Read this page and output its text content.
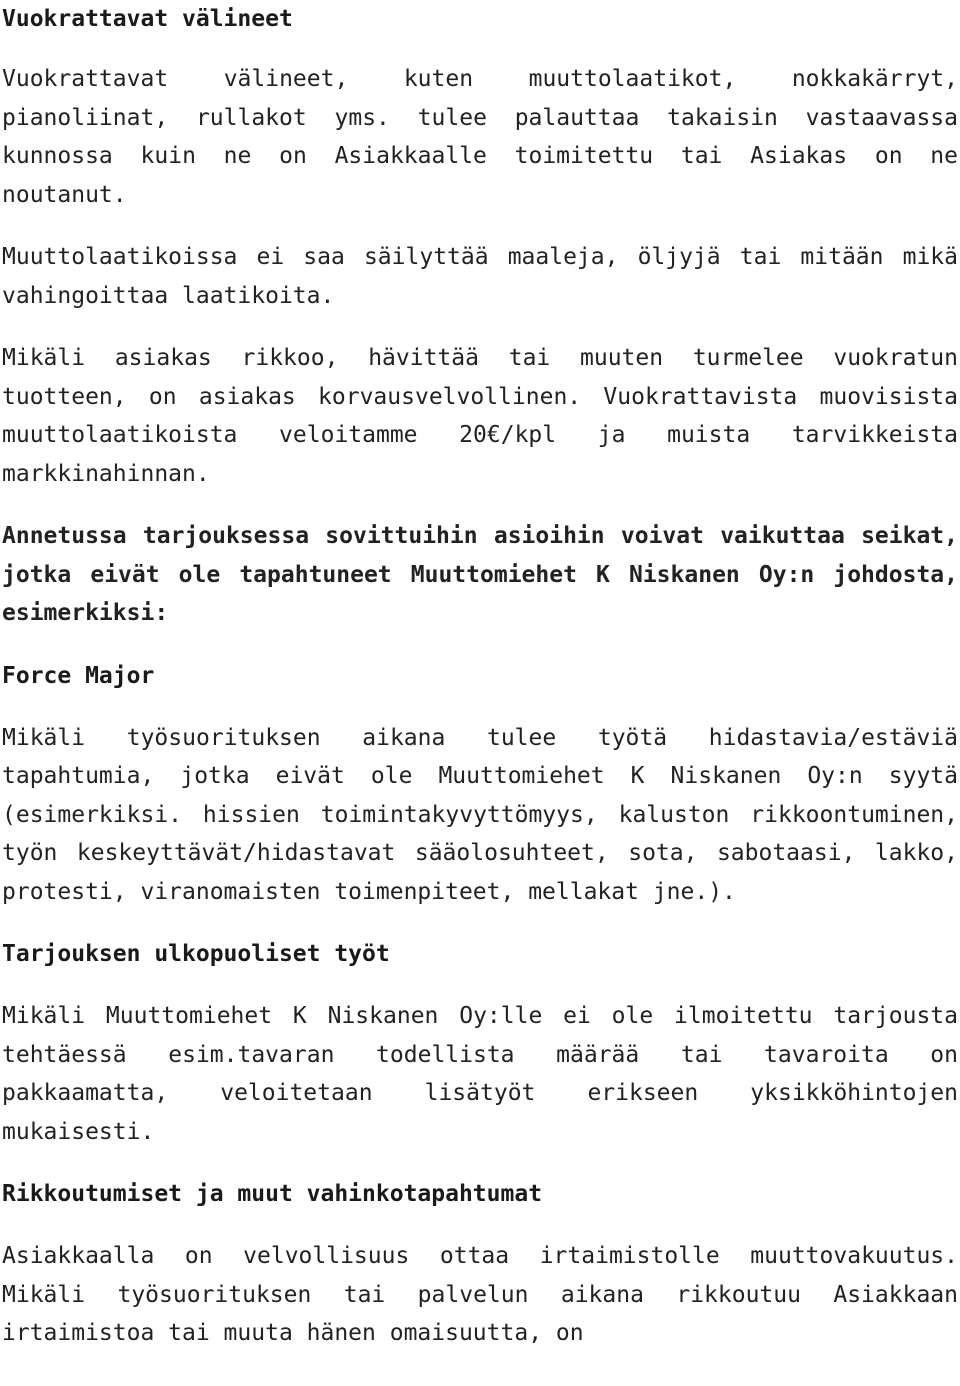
Vuokrattavat välineet

Vuokrattavat välineet, kuten muuttolaatikot, nokkakärryt, pianoliinat, rullakot yms. tulee palauttaa takaisin vastaavassa kunnossa kuin ne on Asiakkaalle toimitettu tai Asiakas on ne noutanut.

Muuttolaatikoissa ei saa säilyttää maaleja, öljyjä tai mitään mikä vahingoittaa laatikoita.

Mikäli asiakas rikkoo, hävittää tai muuten turmelee vuokratun tuotteen, on asiakas korvausvelvollinen. Vuokrattavista muovisista muuttolaatikoista veloitamme 20€/kpl ja muista tarvikkeista markkinahinnan.

Annetussa tarjouksessa sovittuihin asioihin voivat vaikuttaa seikat, jotka eivät ole tapahtuneet Muuttomiehet K Niskanen Oy:n johdosta, esimerkiksi:

Force Major

Mikäli työsuorituksen aikana tulee työtä hidastavia/estäviä tapahtumia, jotka eivät ole Muuttomiehet K Niskanen Oy:n syytä (esimerkiksi. hissien toimintakyvyttömyys, kaluston rikkoontuminen, työn keskeyttävät/hidastavat sääolosuhteet, sota, sabotaasi, lakko, protesti, viranomaisten toimenpiteet, mellakat jne.).

Tarjouksen ulkopuoliset työt

Mikäli Muuttomiehet K Niskanen Oy:lle ei ole ilmoitettu tarjousta tehtäessä esim.tavaran todellista määrää tai tavaroita on pakkaamatta, veloitetaan lisätyöt erikseen yksikköhintojen mukaisesti.

Rikkoutumiset ja muut vahinkotapahtumat

Asiakkaalla on velvollisuus ottaa irtaimistolle muuttovakuutus. Mikäli työsuorituksen tai palvelun aikana rikkoutuu Asiakkaan irtaimistoa tai muuta hänen omaisuutta, on
